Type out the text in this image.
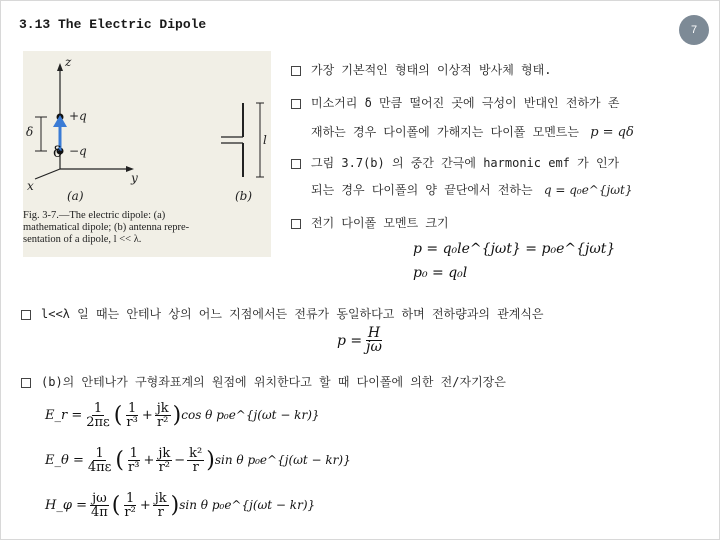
3.13 The Electric Dipole	7
z
y
x
+q
−q
δ
δ
l
(a)	(b)
Fig. 3-7.—The electric dipole: (a)
mathematical dipole; (b) antenna repre-
sentation of a dipole, l << λ.
가장 기본적인 형태의 이상적 방사체 형태.
미소거리 δ 만큼 떨어진 곳에 극성이 반대인 전하가 존
재하는 경우 다이폴에 가해지는 다이폴 모멘트는 p = qδ
그림 3.7(b) 의 중간 간극에 harmonic emf 가 인가
되는 경우 다이폴의 양 끝단에서 전하는 q = q₀e^{jωt}
전기 다이폴 모멘트 크기
p = q₀le^{jωt} = p₀e^{jωt}
p₀ = q₀l
l<<λ 일 때는 안테나 상의 어느 지점에서든 전류가 동일하다고 하며 전하량과의 관계식은
$p = \frac{H}{j\omega}$
(b)의 안테나가 구형좌표계의 원점에 위치한다고 할 때 다이폴에 의한 전/자기장은
E_r = $\frac{1}{2\pi\varepsilon}$ ( $\frac{1}{\text{r³}} + \frac{jk}{\text{r²}}$ ) cos θ p₀e^{j(ωt − kr)}
E_θ = $\frac{1}{4\pi\varepsilon}$ ( $\frac{1}{\text{r³}} + \frac{jk}{\text{r²}} - \frac{\text{k²}}{r}$ ) sin θ p₀e^{j(ωt − kr)}
H_φ = $\frac{j\omega}{4\pi}$ ( $\frac{1}{\text{r²}} + \frac{jk}{r}$ ) sin θ p₀e^{j(ωt − kr)}
